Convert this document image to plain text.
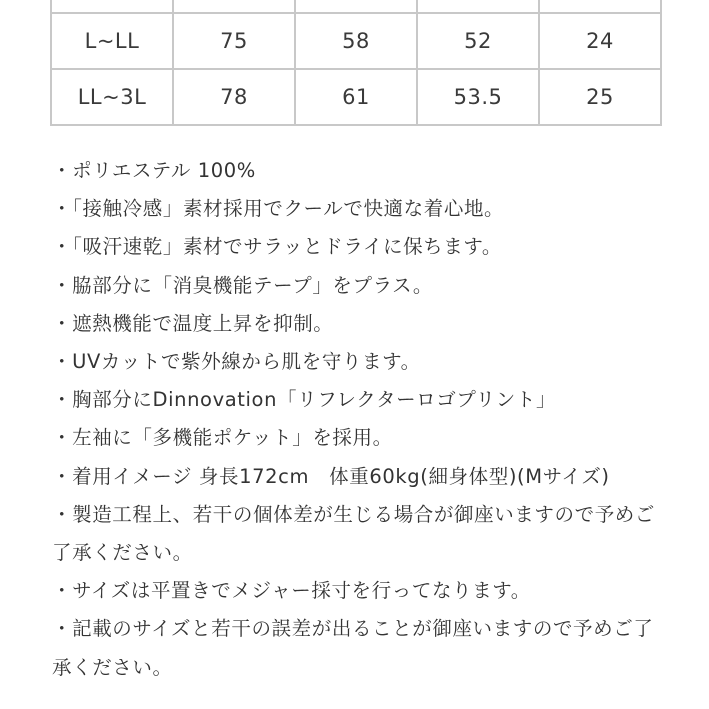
L~LL	75	58	52	24
LL~3L	78	61	53.5	25
・ポリエステル 100%
・「接触冷感」素材採用でクールで快適な着心地。
・「吸汗速乾」素材でサラッとドライに保ちます。
・脇部分に「消臭機能テープ」をプラス。
・遮熱機能で温度上昇を抑制。
・UVカットで紫外線から肌を守ります。
・胸部分にDinnovation「リフレクターロゴプリント」
・左袖に「多機能ポケット」を採用。
・着用イメージ 身長172cm　体重60kg(細身体型)(Mサイズ)
・製造工程上、若干の個体差が生じる場合が御座いますので予めご了承ください。
・サイズは平置きでメジャー採寸を行ってなります。
・記載のサイズと若干の誤差が出ることが御座いますので予めご了承ください。
